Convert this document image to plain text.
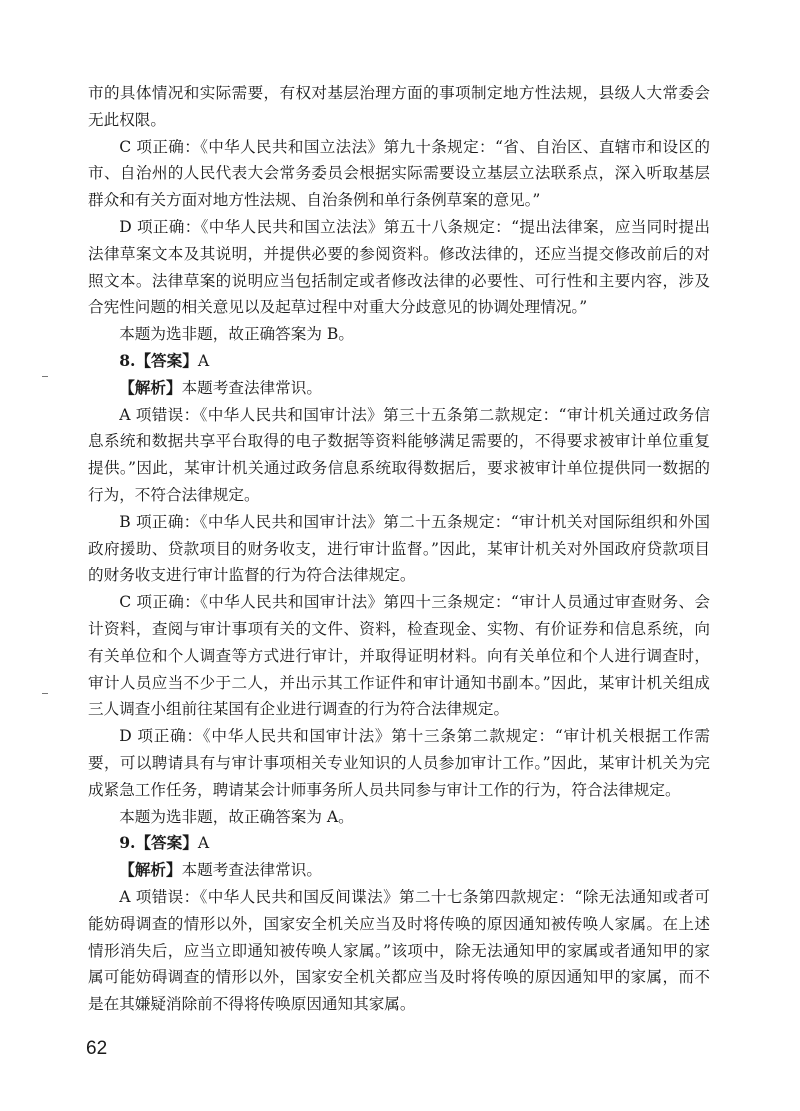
市的具体情况和实际需要，有权对基层治理方面的事项制定地方性法规，县级人大常委会无此权限。

C 项正确：《中华人民共和国立法法》第九十条规定：“省、自治区、直辖市和设区的市、自治州的人民代表大会常务委员会根据实际需要设立基层立法联系点，深入听取基层群众和有关方面对地方性法规、自治条例和单行条例草案的意见。”

D 项正确：《中华人民共和国立法法》第五十八条规定：“提出法律案，应当同时提出法律草案文本及其说明，并提供必要的参阅资料。修改法律的，还应当提交修改前后的对照文本。法律草案的说明应当包括制定或者修改法律的必要性、可行性和主要内容，涉及合宪性问题的相关意见以及起草过程中对重大分歧意见的协调处理情况。”

本题为选非题，故正确答案为 B。

8.【答案】A

【解析】本题考查法律常识。

A 项错误：《中华人民共和国审计法》第三十五条第二款规定：“审计机关通过政务信息系统和数据共享平台取得的电子数据等资料能够满足需要的，不得要求被审计单位重复提供。”因此，某审计机关通过政务信息系统取得数据后，要求被审计单位提供同一数据的行为，不符合法律规定。

B 项正确：《中华人民共和国审计法》第二十五条规定：“审计机关对国际组织和外国政府援助、贷款项目的财务收支，进行审计监督。”因此，某审计机关对外国政府贷款项目的财务收支进行审计监督的行为符合法律规定。

C 项正确：《中华人民共和国审计法》第四十三条规定：“审计人员通过审查财务、会计资料，查阅与审计事项有关的文件、资料，检查现金、实物、有价证券和信息系统，向有关单位和个人调查等方式进行审计，并取得证明材料。向有关单位和个人进行调查时，审计人员应当不少于二人，并出示其工作证件和审计通知书副本。”因此，某审计机关组成三人调查小组前往某国有企业进行调查的行为符合法律规定。

D 项正确：《中华人民共和国审计法》第十三条第二款规定：“审计机关根据工作需要，可以聘请具有与审计事项相关专业知识的人员参加审计工作。”因此，某审计机关为完成紧急工作任务，聘请某会计师事务所人员共同参与审计工作的行为，符合法律规定。

本题为选非题，故正确答案为 A。

9.【答案】A

【解析】本题考查法律常识。

A 项错误：《中华人民共和国反间谍法》第二十七条第四款规定：“除无法通知或者可能妨碍调查的情形以外，国家安全机关应当及时将传唤的原因通知被传唤人家属。在上述情形消失后，应当立即通知被传唤人家属。”该项中，除无法通知甲的家属或者通知甲的家属可能妨碍调查的情形以外，国家安全机关都应当及时将传唤的原因通知甲的家属，而不是在其嫌疑消除前不得将传唤原因通知其家属。

62
